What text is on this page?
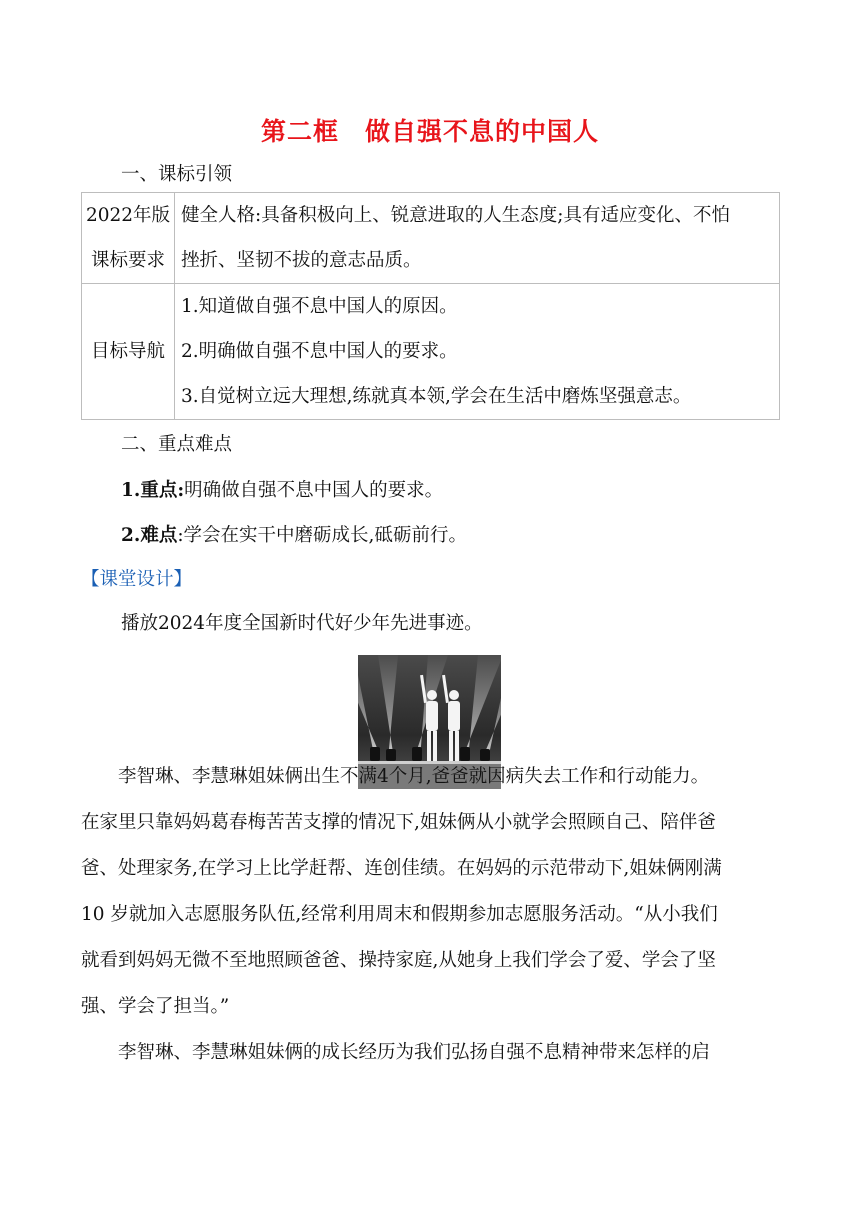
第二框　做自强不息的中国人
一、课标引领
2022年版
课标要求	健全人格:具备积极向上、锐意进取的人生态度;具有适应变化、不怕
挫折、坚韧不拔的意志品质。

目标导航	1.知道做自强不息中国人的原因。
2.明确做自强不息中国人的要求。
3.自觉树立远大理想,练就真本领,学会在生活中磨炼坚强意志。
二、重点难点
1.重点:明确做自强不息中国人的要求。
2.难点:学会在实干中磨砺成长,砥砺前行。
【课堂设计】
播放2024年度全国新时代好少年先进事迹。
　　李智琳、李慧琳姐妹俩出生不满4个月,爸爸就因病失去工作和行动能力。
在家里只靠妈妈葛春梅苦苦支撑的情况下,姐妹俩从小就学会照顾自己、陪伴爸
爸、处理家务,在学习上比学赶帮、连创佳绩。在妈妈的示范带动下,姐妹俩刚满
10 岁就加入志愿服务队伍,经常利用周末和假期参加志愿服务活动。“从小我们
就看到妈妈无微不至地照顾爸爸、操持家庭,从她身上我们学会了爱、学会了坚
强、学会了担当。”
　　李智琳、李慧琳姐妹俩的成长经历为我们弘扬自强不息精神带来怎样的启
